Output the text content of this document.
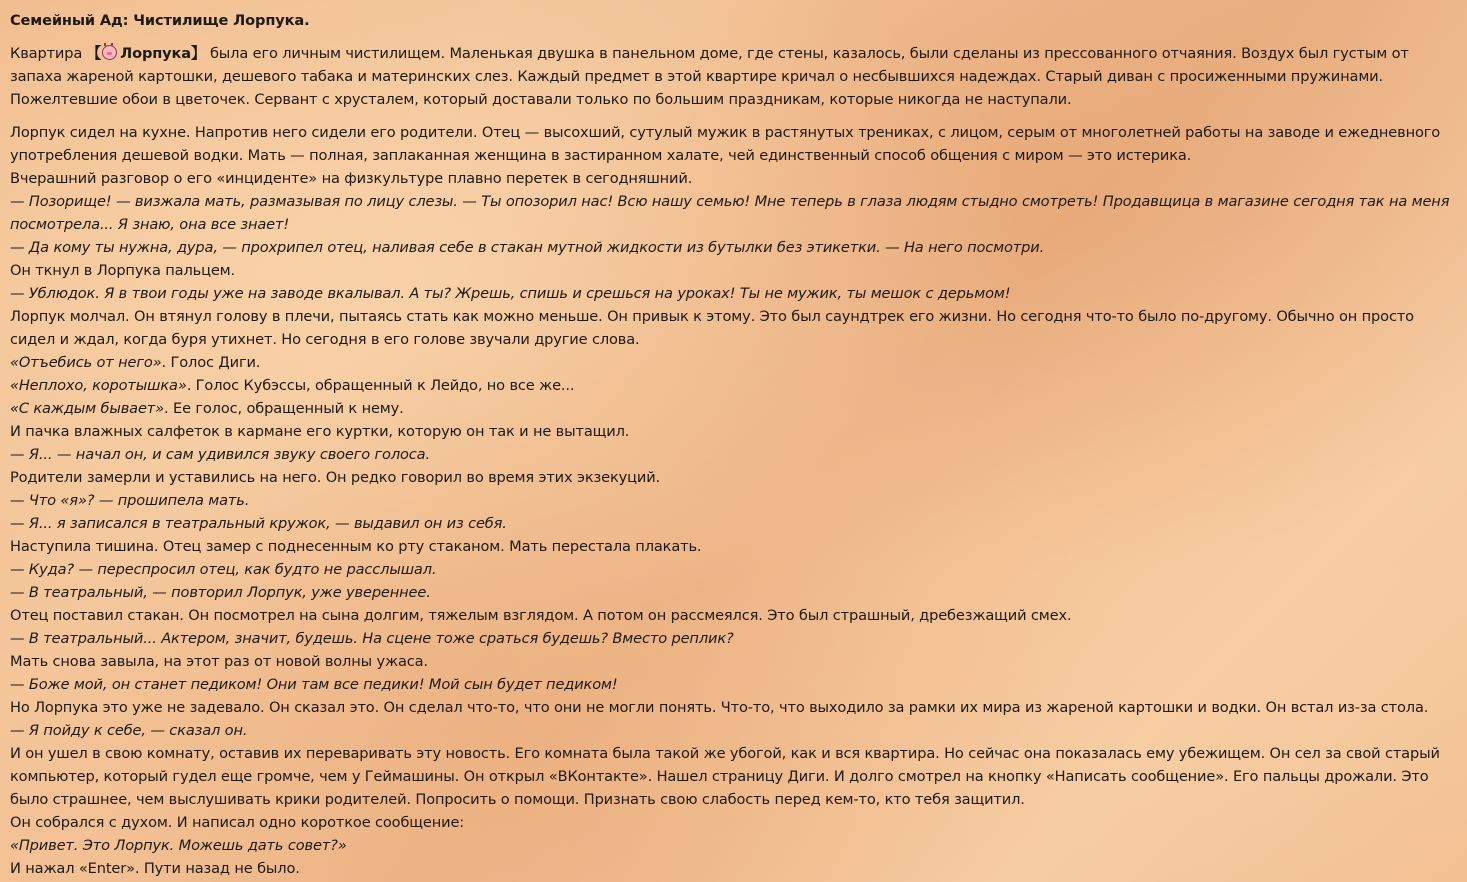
Семейный Ад: Чистилище Лорпука.

Квартира 【 Лорпука】 была его личным чистилищем. Маленькая двушка в панельном доме, где стены, казалось, были сделаны из прессованного отчаяния. Воздух был густым от запаха жареной картошки, дешевого табака и материнских слез. Каждый предмет в этой квартире кричал о несбывшихся надеждах. Старый диван с просиженными пружинами. Пожелтевшие обои в цветочек. Сервант с хрусталем, который доставали только по большим праздникам, которые никогда не наступали.

Лорпук сидел на кухне. Напротив него сидели его родители. Отец — высохший, сутулый мужик в растянутых трениках, с лицом, серым от многолетней работы на заводе и ежедневного употребления дешевой водки. Мать — полная, заплаканная женщина в застиранном халате, чей единственный способ общения с миром — это истерика.

Вчерашний разговор о его «инциденте» на физкультуре плавно перетек в сегодняшний.

— Позорище! — визжала мать, размазывая по лицу слезы. — Ты опозорил нас! Всю нашу семью! Мне теперь в глаза людям стыдно смотреть! Продавщица в магазине сегодня так на меня посмотрела... Я знаю, она все знает!

— Да кому ты нужна, дура, — прохрипел отец, наливая себе в стакан мутной жидкости из бутылки без этикетки. — На него посмотри.

Он ткнул в Лорпука пальцем.

— Ублюдок. Я в твои годы уже на заводе вкалывал. А ты? Жрешь, спишь и срешься на уроках! Ты не мужик, ты мешок с дерьмом!

Лорпук молчал. Он втянул голову в плечи, пытаясь стать как можно меньше. Он привык к этому. Это был саундтрек его жизни. Но сегодня что-то было по-другому. Обычно он просто сидел и ждал, когда буря утихнет. Но сегодня в его голове звучали другие слова.

«Отъебись от него». Голос Диги.

«Неплохо, коротышка». Голос Кубэссы, обращенный к Лейдо, но все же...

«С каждым бывает». Ее голос, обращенный к нему.

И пачка влажных салфеток в кармане его куртки, которую он так и не вытащил.

— Я... — начал он, и сам удивился звуку своего голоса.

Родители замерли и уставились на него. Он редко говорил во время этих экзекуций.

— Что «я»? — прошипела мать.

— Я... я записался в театральный кружок, — выдавил он из себя.

Наступила тишина. Отец замер с поднесенным ко рту стаканом. Мать перестала плакать.

— Куда? — переспросил отец, как будто не расслышал.

— В театральный, — повторил Лорпук, уже увереннее.

Отец поставил стакан. Он посмотрел на сына долгим, тяжелым взглядом. А потом он рассмеялся. Это был страшный, дребезжащий смех.

— В театральный... Актером, значит, будешь. На сцене тоже сраться будешь? Вместо реплик?

Мать снова завыла, на этот раз от новой волны ужаса.

— Боже мой, он станет педиком! Они там все педики! Мой сын будет педиком!

Но Лорпука это уже не задевало. Он сказал это. Он сделал что-то, что они не могли понять. Что-то, что выходило за рамки их мира из жареной картошки и водки. Он встал из-за стола.

— Я пойду к себе, — сказал он.

И он ушел в свою комнату, оставив их переваривать эту новость. Его комната была такой же убогой, как и вся квартира. Но сейчас она показалась ему убежищем. Он сел за свой старый компьютер, который гудел еще громче, чем у Геймашины. Он открыл «ВКонтакте». Нашел страницу Диги. И долго смотрел на кнопку «Написать сообщение». Его пальцы дрожали. Это было страшнее, чем выслушивать крики родителей. Попросить о помощи. Признать свою слабость перед кем-то, кто тебя защитил.

Он собрался с духом. И написал одно короткое сообщение:

«Привет. Это Лорпук. Можешь дать совет?»

И нажал «Enter». Пути назад не было.
